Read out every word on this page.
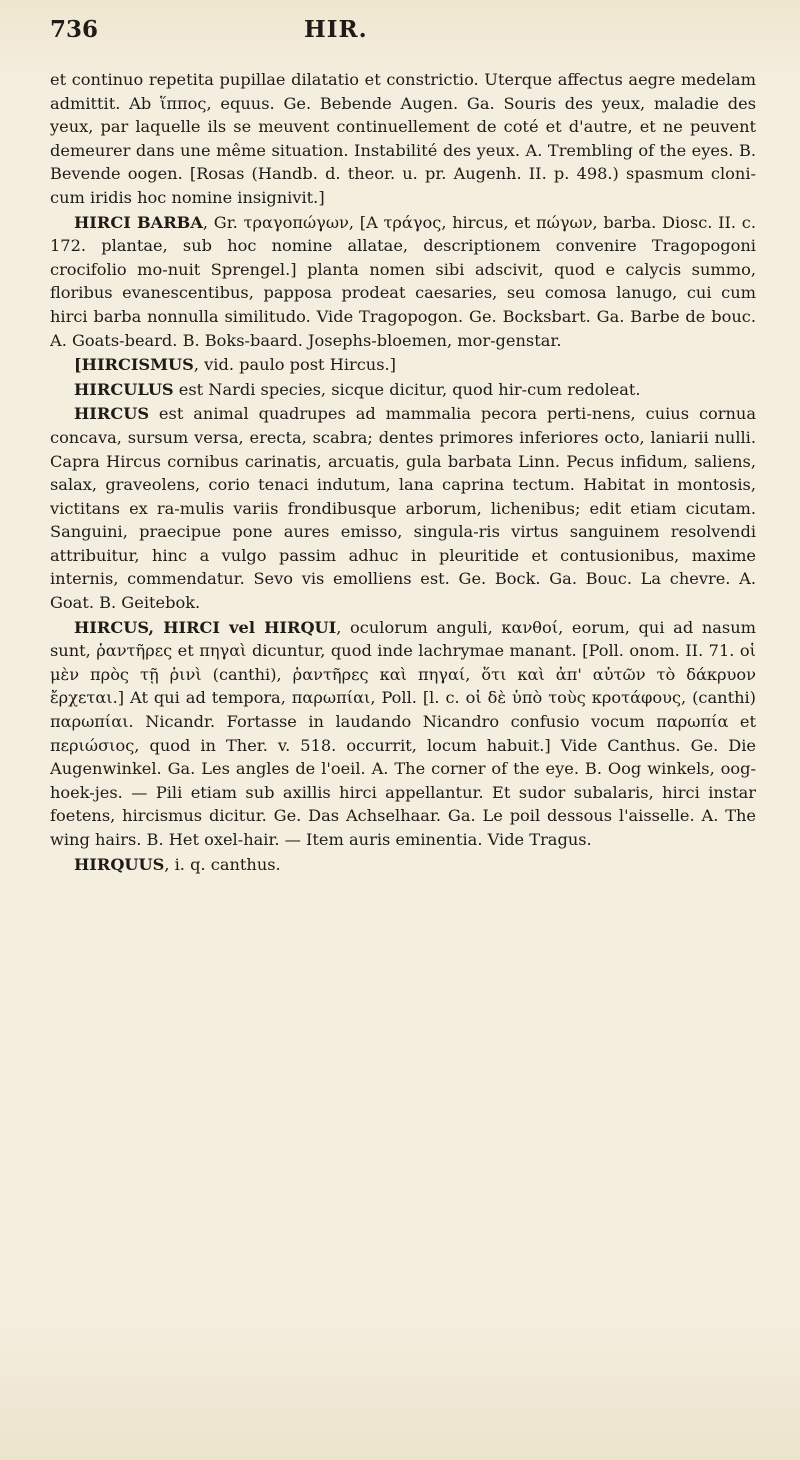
736	HIR.

et continuo repetita pupillae dilatatio et constrictio. Uterque affectus aegre medelam admittit. Ab ἵππος, equus. Ge. Bebende Augen. Ga. Souris des yeux, maladie des yeux, par laquelle ils se meuvent continuellement de coté et d'autre, et ne peuvent demeurer dans une même situation. Instabilité des yeux. A. Trembling of the eyes. B. Bevende oogen. [Rosas (Handb. d. theor. u. pr. Augenh. II. p. 498.) spasmum cloni-cum iridis hoc nomine insignivit.]

HIRCI BARBA, Gr. τραγοπώγων, [Α τράγος, hircus, et πώγων, barba. Diosc. II. c. 172. plantae, sub hoc nomine allatae, descriptionem convenire Tragopogoni crocifolio mo-nuit Sprengel.] planta nomen sibi adscivit, quod e calycis summo, floribus evanescentibus, papposa prodeat caesaries, seu comosa lanugo, cui cum hirci barba nonnulla similitudo. Vide Tragopogon. Ge. Bocksbart. Ga. Barbe de bouc. A. Goats-beard. B. Boks-baard. Josephs-bloemen, mor-genstar.

[HIRCISMUS, vid. paulo post Hircus.]

HIRCULUS est Nardi species, sicque dicitur, quod hir-cum redoleat.

HIRCUS est animal quadrupes ad mammalia pecora perti-nens, cuius cornua concava, sursum versa, erecta, scabra; dentes primores inferiores octo, laniarii nulli. Capra Hircus cornibus carinatis, arcuatis, gula barbata Linn. Pecus infidum, saliens, salax, graveolens, corio tenaci indutum, lana caprina tectum. Habitat in montosis, victitans ex ra-mulis variis frondibusque arborum, lichenibus; edit etiam cicutam. Sanguini, praecipue pone aures emisso, singula-ris virtus sanguinem resolvendi attribuitur, hinc a vulgo passim adhuc in pleuritide et contusionibus, maxime internis, commendatur. Sevo vis emolliens est. Ge. Bock. Ga. Bouc. La chevre. A. Goat. B. Geitebok.

HIRCUS, HIRCI vel HIRQUI, oculorum anguli, κανθοί, eorum, qui ad nasum sunt, ῥαντῆρες et πηγαὶ dicuntur, quod inde lachrymae manant. [Poll. onom. II. 71. οἱ μὲν πρὸς τῇ ῥινὶ (canthi), ῥαντῆρες καὶ πηγαί, ὅτι καὶ ἀπ' αὐτῶν τὸ δάκρυον ἔρχεται.] At qui ad tempora, παρωπίαι, Poll. [l. c. οἱ δὲ ὑπὸ τοὺς κροτάφους, (canthi) παρωπίαι. Nicandr. Fortasse in laudando Nicandro confusio vocum παρωπία et περιώσιος, quod in Ther. v. 518. occurrit, locum habuit.] Vide Canthus. Ge. Die Augenwinkel. Ga. Les angles de l'oeil. A. The corner of the eye. B. Oog winkels, oog-hoek-jes. — Pili etiam sub axillis hirci appellantur. Et sudor subalaris, hirci instar foetens, hircismus dicitur. Ge. Das Achselhaar. Ga. Le poil dessous l'aisselle. A. The wing hairs. B. Het oxel-hair. — Item auris eminentia. Vide Tragus.

HIRQUUS, i. q. canthus.
